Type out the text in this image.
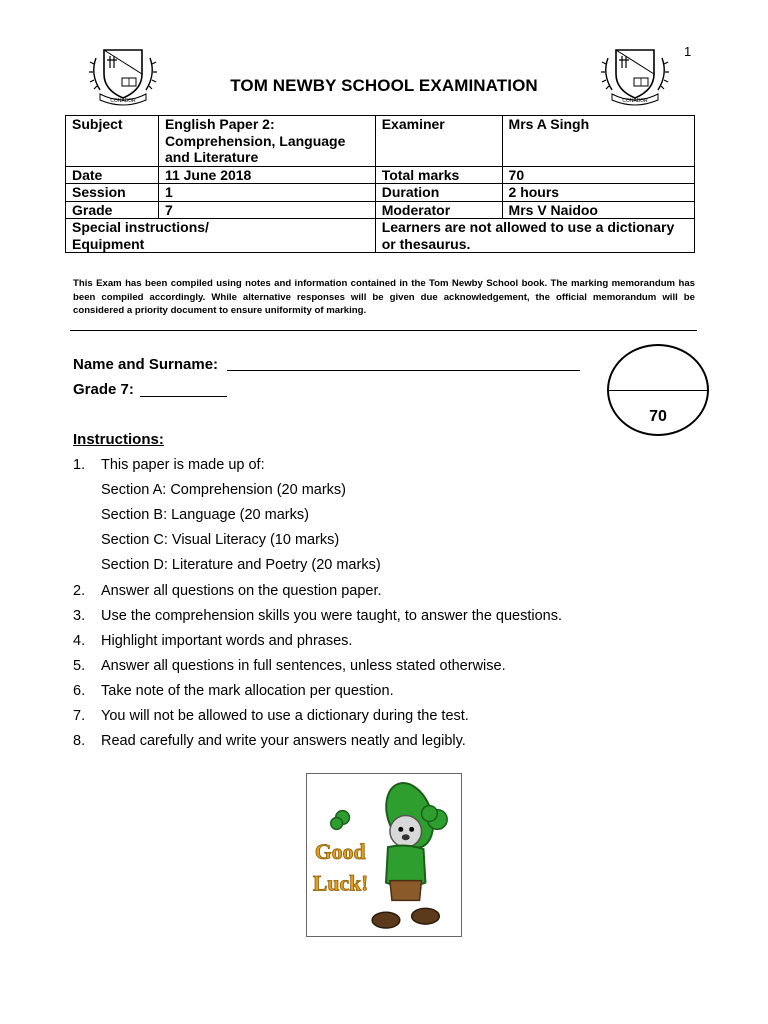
1
CONABOR	CONABOR
TOM NEWBY SCHOOL EXAMINATION
Subject	English Paper 2: Comprehension, Language and Literature	Examiner	Mrs A Singh
Date	11 June 2018	Total marks	70
Session	1	Duration	2 hours
Grade	7	Moderator	Mrs V Naidoo
Special instructions/ Equipment		Learners are not allowed to use a dictionary or thesaurus.	
This Exam has been compiled using notes and information contained in the Tom Newby School book. The marking memorandum has been compiled accordingly. While alternative responses will be given due acknowledgement, the official memorandum will be considered a priority document to ensure uniformity of marking.
Name and Surname:
Grade 7:
70
Instructions:
1. This paper is made up of:
Section A: Comprehension (20 marks)
Section B: Language (20 marks)
Section C: Visual Literacy (10 marks)
Section D: Literature and Poetry (20 marks)
2. Answer all questions on the question paper.
3. Use the comprehension skills you were taught, to answer the questions.
4. Highlight important words and phrases.
5. Answer all questions in full sentences, unless stated otherwise.
6. Take note of the mark allocation per question.
7. You will not be allowed to use a dictionary during the test.
8. Read carefully and write your answers neatly and legibly.
Good
Luck!
